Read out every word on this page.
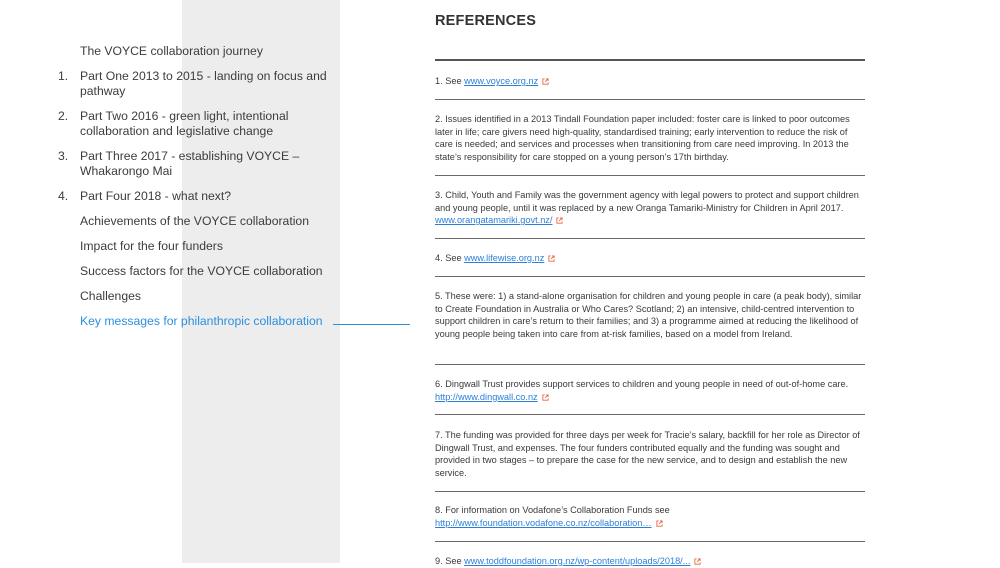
The VOYCE collaboration journey
1. Part One 2013 to 2015 - landing on focus and pathway
2. Part Two 2016 - green light, intentional collaboration and legislative change
3. Part Three 2017 - establishing VOYCE – Whakarongo Mai
4. Part Four 2018 - what next?
Achievements of the VOYCE collaboration
Impact for the four funders
Success factors for the VOYCE collaboration
Challenges
Key messages for philanthropic collaboration
REFERENCES
1. See www.voyce.org.nz
2. Issues identified in a 2013 Tindall Foundation paper included: foster care is linked to poor outcomes later in life; care givers need high-quality, standardised training; early intervention to reduce the risk of care is needed; and services and processes when transitioning from care need improving. In 2013 the state’s responsibility for care stopped on a young person’s 17th birthday.
3. Child, Youth and Family was the government agency with legal powers to protect and support children and young people, until it was replaced by a new Oranga Tamariki-Ministry for Children in April 2017. www.orangatamariki.govt.nz/
4. See www.lifewise.org.nz
5. These were: 1) a stand-alone organisation for children and young people in care (a peak body), similar to Create Foundation in Australia or Who Cares? Scotland; 2) an intensive, child-centred intervention to support children in care’s return to their families; and 3) a programme aimed at reducing the likelihood of young people being taken into care from at-risk families, based on a model from Ireland.
6. Dingwall Trust provides support services to children and young people in need of out-of-home care. http://www.dingwall.co.nz
7. The funding was provided for three days per week for Tracie’s salary, backfill for her role as Director of Dingwall Trust, and expenses. The four funders contributed equally and the funding was sought and provided in two stages – to prepare the case for the new service, and to design and establish the new service.
8. For information on Vodafone’s Collaboration Funds see http://www.foundation.vodafone.co.nz/collaboration…
9. See www.toddfoundation.org.nz/wp-content/uploads/2018/...
